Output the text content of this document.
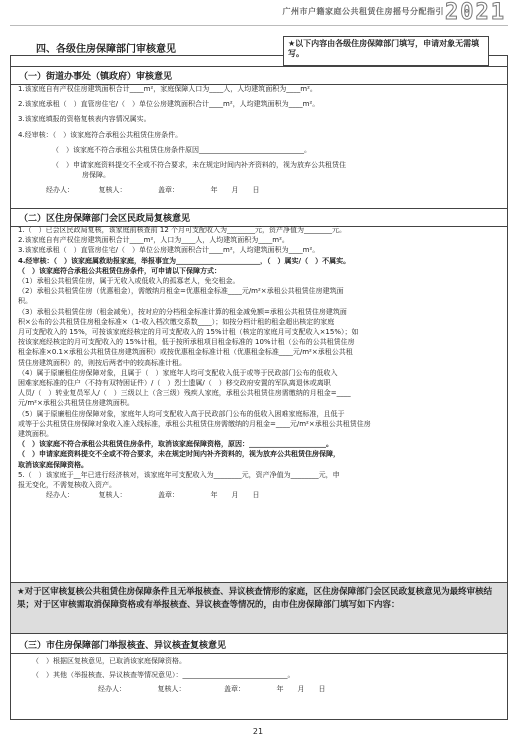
广州市户籍家庭公共租赁住房摇号分配指引 2021
四、各级住房保障部门审核意见
★以下内容由各级住房保障部门填写，申请对象无需填写。
（一）街道办事处（镇政府）审核意见

1.该家庭自有产权住房建筑面积合计____m²，家庭保障人口为____人，人均建筑面积为____m²。

2.该家庭承租（　）直管房住宅/（　）单位公房建筑面积合计____m²，人均建筑面积为____m²。

3.该家庭填报的资格复核表内容情况属实。

4.经审核：（　）该家庭符合承租公共租赁住房条件。

（　）该家庭不符合承租公共租赁住房条件原因______________________________。

（　）申请家庭资料提交不全或不符合要求，未在规定时间内补齐资料的，视为放弃公共租赁住

房保障。

经办人：　　　　复核人：　　　　　盖章：　　　　　年　　月　　日

（二）区住房保障部门会区民政局复核意见

1.（　）已会区民政局复核，该家庭前核查前 12 个月可支配收入为________元，资产净值为________元。

2.该家庭自有产权住房建筑面积合计____m²，人口为____人，人均建筑面积为____m²。

3.该家庭承租（　）直管房住宅/（　）单位公房建筑面积合计____m²，人均建筑面积为____m²。

4.经审核：（　）该家庭属救助报家庭，举报事宜为________________________，（　）属实/（　）不属实。

（　）该家庭符合承租公共租赁住房条件，可申请以下保障方式：

（1）承租公共租赁住房，属于无收入或低收入的孤寡老人，免交租金。

（2）承租公共租赁住房（优惠租金），需缴纳月租金=优惠租金标准____元/m²×承租公共租赁住房建筑面

积。

（3）承租公共租赁住房（租金减免），按对应的分档租金标准计算的租金减免额=承租公共租赁住房建筑面

积×公布的公共租赁住房租金标准×（1-收入档次缴交系数____）；如按分档计租的租金超出核定的家庭

月可支配收入的 15%，可按该家庭经核定的月可支配收入的 15%计租（核定的家庭月可支配收入×15%）；如

按该家庭经核定的月可支配收入的 15%计租，低于按所承租项目租金标准的 10%计租（公布的公共租赁住房

租金标准×0.1×承租公共租赁住房建筑面积）或按优惠租金标准计租（优惠租金标准____元/m²×承租公共租

赁住房建筑面积）的，则按后两者中的较高标准计租。

（4）属于原廉租住房保障对象，且属于（　）家庭年人均可支配收入低于或等于民政部门公布的低收入

困难家庭标准的住户（不持有双特困证件）/（　）烈士遗属/（　）移交政府安置的军队离退休或离职

人员/（　）转业复员军人/（　）三级以上（含三级）残疾人家庭，承租公共租赁住房需缴纳的月租金=____

元/m²×承租公共租赁住房建筑面积。

（5）属于原廉租住房保障对象，家庭年人均可支配收入高于民政部门公布的低收入困难家庭标准，且低于

或等于公共租赁住房保障对象收入准入线标准，承租公共租赁住房需缴纳的月租金=____元/m²×承租公共租赁住房

建筑面积。

（　）该家庭不符合承租公共租赁住房条件，取消该家庭保障资格，原因：______________________。

（　）申请家庭资料提交不全或不符合要求，未在规定时间内补齐资料的，视为放弃公共租赁住房保障，

取消该家庭保障资格。

5.（　）该家庭于__年已进行经济核对，该家庭年可支配收入为________元，资产净值为________元，申

报无变化，不需复核收入资产。

经办人：　　　　复核人：　　　　　盖章：　　　　　年　　月　　日

★对于区审核复核公共租赁住房保障条件且无举报核查、异议核查情形的家庭，区住房保障部门会区民政复核意见为最终审核结果；对于区审核需取消保障资格或有举报核查、异议核查等情况的，由市住房保障部门填写如下内容：
（三）市住房保障部门举报核查、异议核查复核意见

（　）根据区复核意见，已取消该家庭保障资格。

（　）其他（举报核查、异议核查等情况意见）：______________________________。

经办人：　　　　　复核人：　　　　　　盖章：　　　　　年　　月　　日

21
